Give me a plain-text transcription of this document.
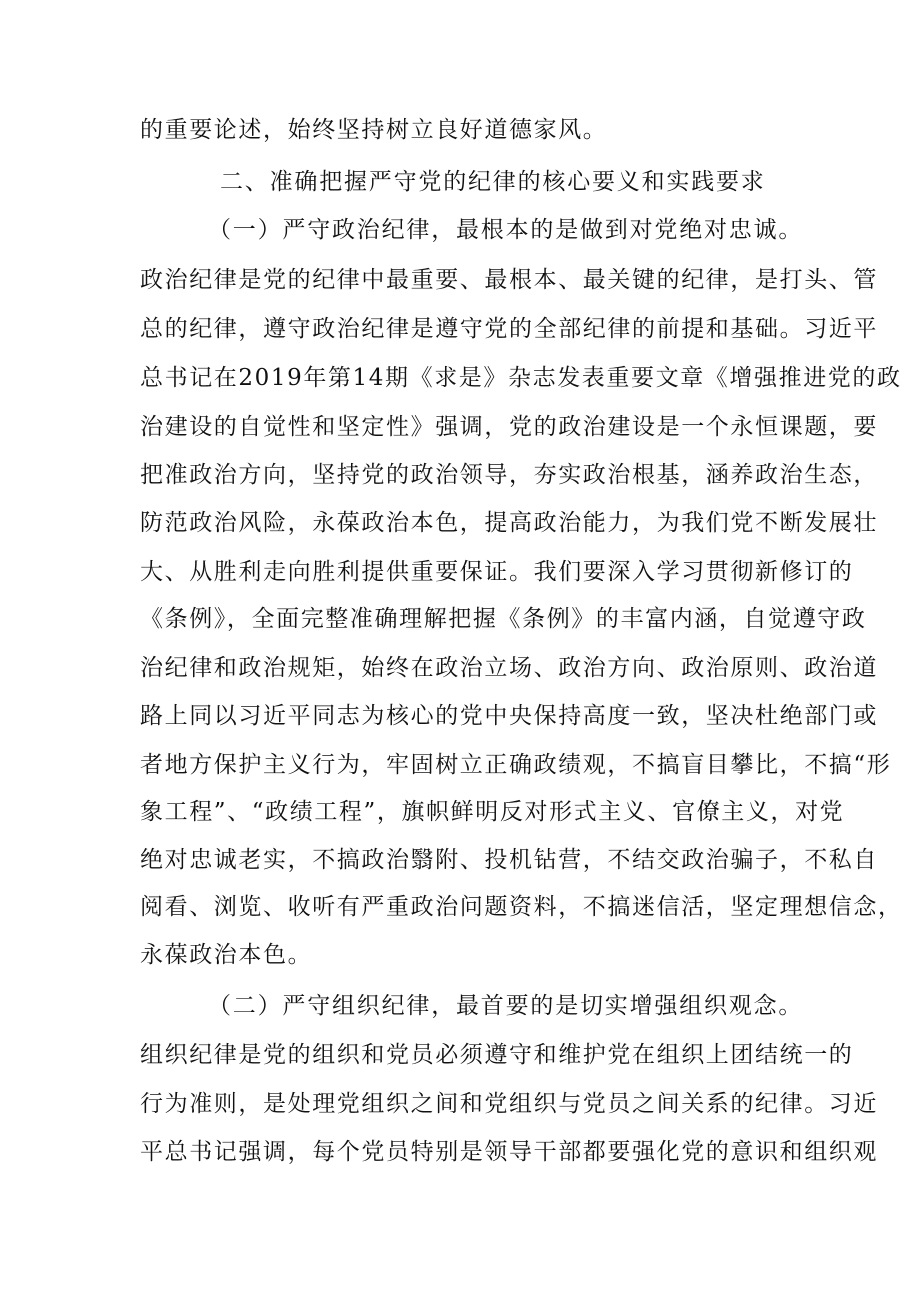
的重要论述，始终坚持树立良好道德家风。
二、准确把握严守党的纪律的核心要义和实践要求
（一）严守政治纪律，最根本的是做到对党绝对忠诚。
政治纪律是党的纪律中最重要、最根本、最关键的纪律，是打头、管
总的纪律，遵守政治纪律是遵守党的全部纪律的前提和基础。习近平
总书记在2019年第14期《求是》杂志发表重要文章《增强推进党的政
治建设的自觉性和坚定性》强调，党的政治建设是一个永恒课题，要
把准政治方向，坚持党的政治领导，夯实政治根基，涵养政治生态，
防范政治风险，永葆政治本色，提高政治能力，为我们党不断发展壮
大、从胜利走向胜利提供重要保证。我们要深入学习贯彻新修订的
《条例》，全面完整准确理解把握《条例》的丰富内涵，自觉遵守政
治纪律和政治规矩，始终在政治立场、政治方向、政治原则、政治道
路上同以习近平同志为核心的党中央保持高度一致，坚决杜绝部门或
者地方保护主义行为，牢固树立正确政绩观，不搞盲目攀比，不搞“形
象工程”、“政绩工程”，旗帜鲜明反对形式主义、官僚主义，对党
绝对忠诚老实，不搞政治翳附、投机钻营，不结交政治骗子，不私自
阅看、浏览、收听有严重政治问题资料，不搞迷信活，坚定理想信念，
永葆政治本色。
（二）严守组织纪律，最首要的是切实增强组织观念。
组织纪律是党的组织和党员必须遵守和维护党在组织上团结统一的
行为准则，是处理党组织之间和党组织与党员之间关系的纪律。习近
平总书记强调，每个党员特别是领导干部都要强化党的意识和组织观
